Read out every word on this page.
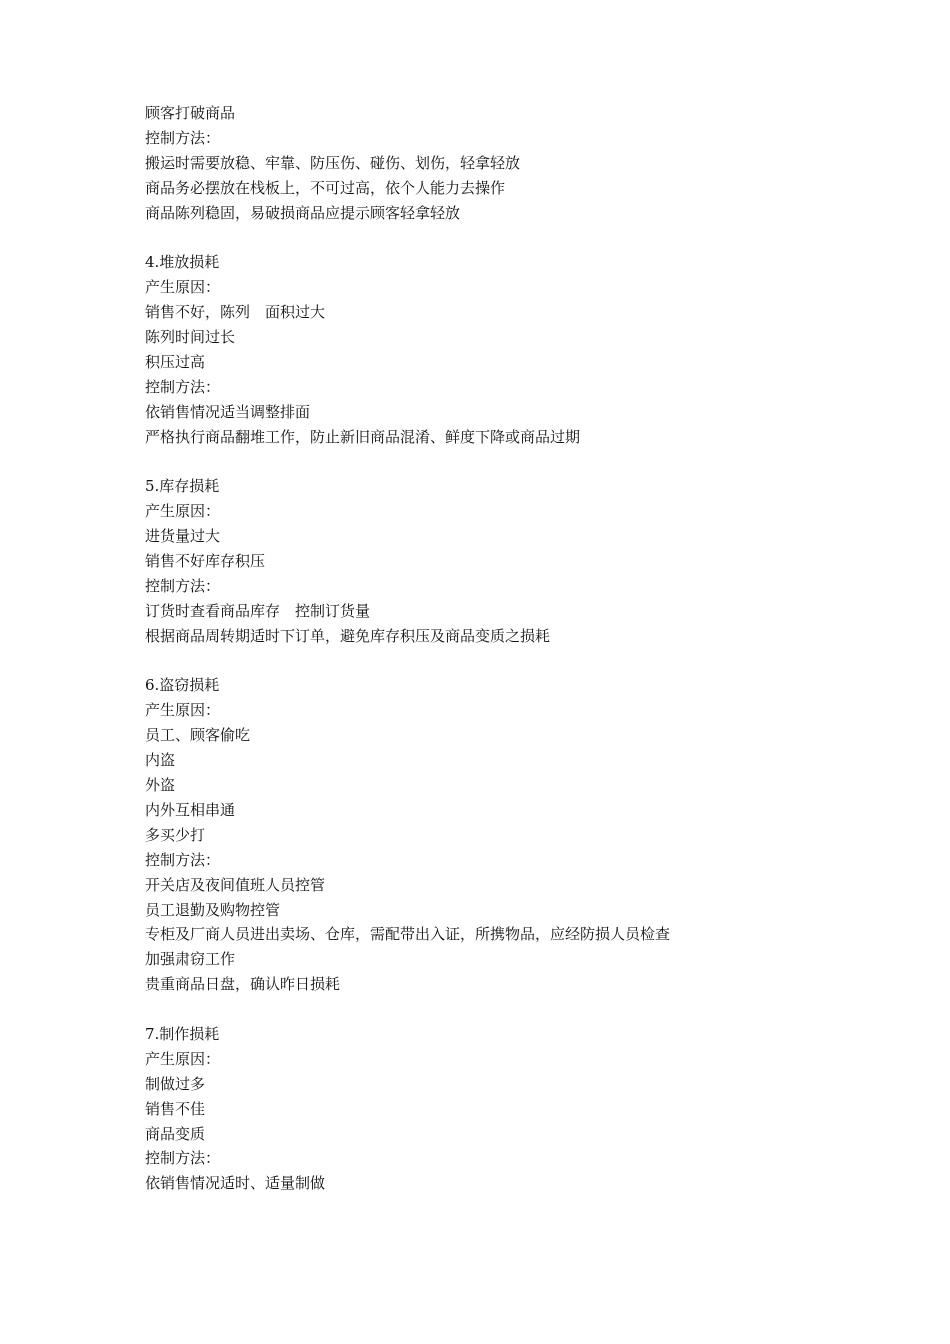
顾客打破商品
控制方法：
搬运时需要放稳、牢靠、防压伤、碰伤、划伤，轻拿轻放
商品务必摆放在栈板上，不可过高，依个人能力去操作
商品陈列稳固，易破损商品应提示顾客轻拿轻放
4.堆放损耗
产生原因：
销售不好，陈列　面积过大
陈列时间过长
积压过高
控制方法：
依销售情况适当调整排面
严格执行商品翻堆工作，防止新旧商品混淆、鲜度下降或商品过期
5.库存损耗
产生原因：
进货量过大
销售不好库存积压
控制方法：
订货时查看商品库存　控制订货量
根据商品周转期适时下订单，避免库存积压及商品变质之损耗
6.盗窃损耗
产生原因：
员工、顾客偷吃
内盗
外盗
内外互相串通
多买少打
控制方法：
开关店及夜间值班人员控管
员工退勤及购物控管
专柜及厂商人员进出卖场、仓库，需配带出入证，所携物品，应经防损人员检查
加强肃窃工作
贵重商品日盘，确认昨日损耗
7.制作损耗
产生原因：
制做过多
销售不佳
商品变质
控制方法：
依销售情况适时、适量制做
